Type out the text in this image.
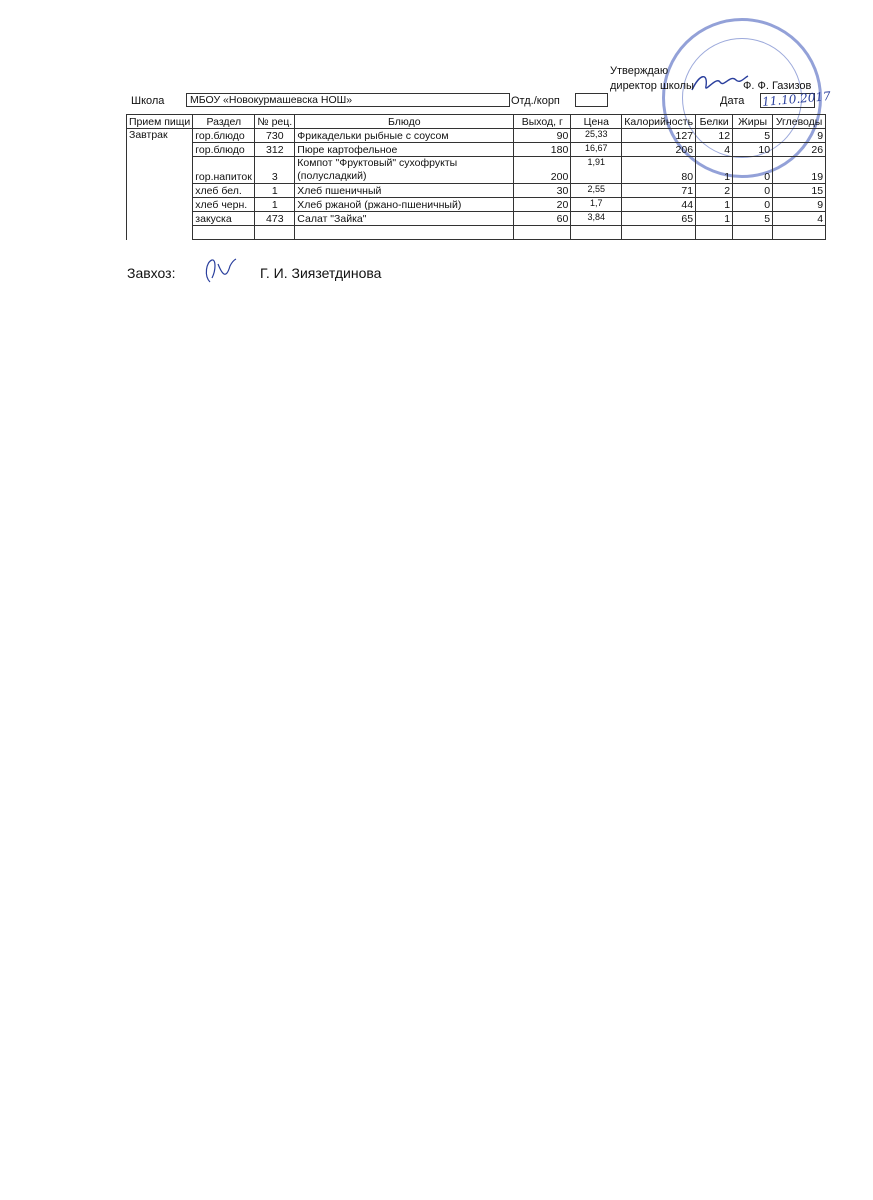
Утверждаю
директор школы	Ф. Ф. Газизов
Дата 11.10.2017
Школа	МБОУ «Новокурмашевска НОШ»	Отд./корп
Прием пищи	Раздел	№ рец.	Блюдо	Выход, г	Цена	Калорийность	Белки	Жиры	Углеводы
Завтрак	гор.блюдо	730	Фрикадельки рыбные с соусом	90	25,33	127	12	5	9
	гор.блюдо	312	Пюре картофельное	180	16,67	206	4	10	26
	гор.напиток	3	Компот "Фруктовый" сухофрукты (полусладкий)	200	1,91	80	1	0	19
	хлеб бел.	1	Хлеб пшеничный	30	2,55	71	2	0	15
	хлеб черн.	1	Хлеб ржаной (ржано-пшеничный)	20	1,7	44	1	0	9
	закуска	473	Салат "Зайка"	60	3,84	65	1	5	4

Завхоз:	Г. И. Зиязетдинова
